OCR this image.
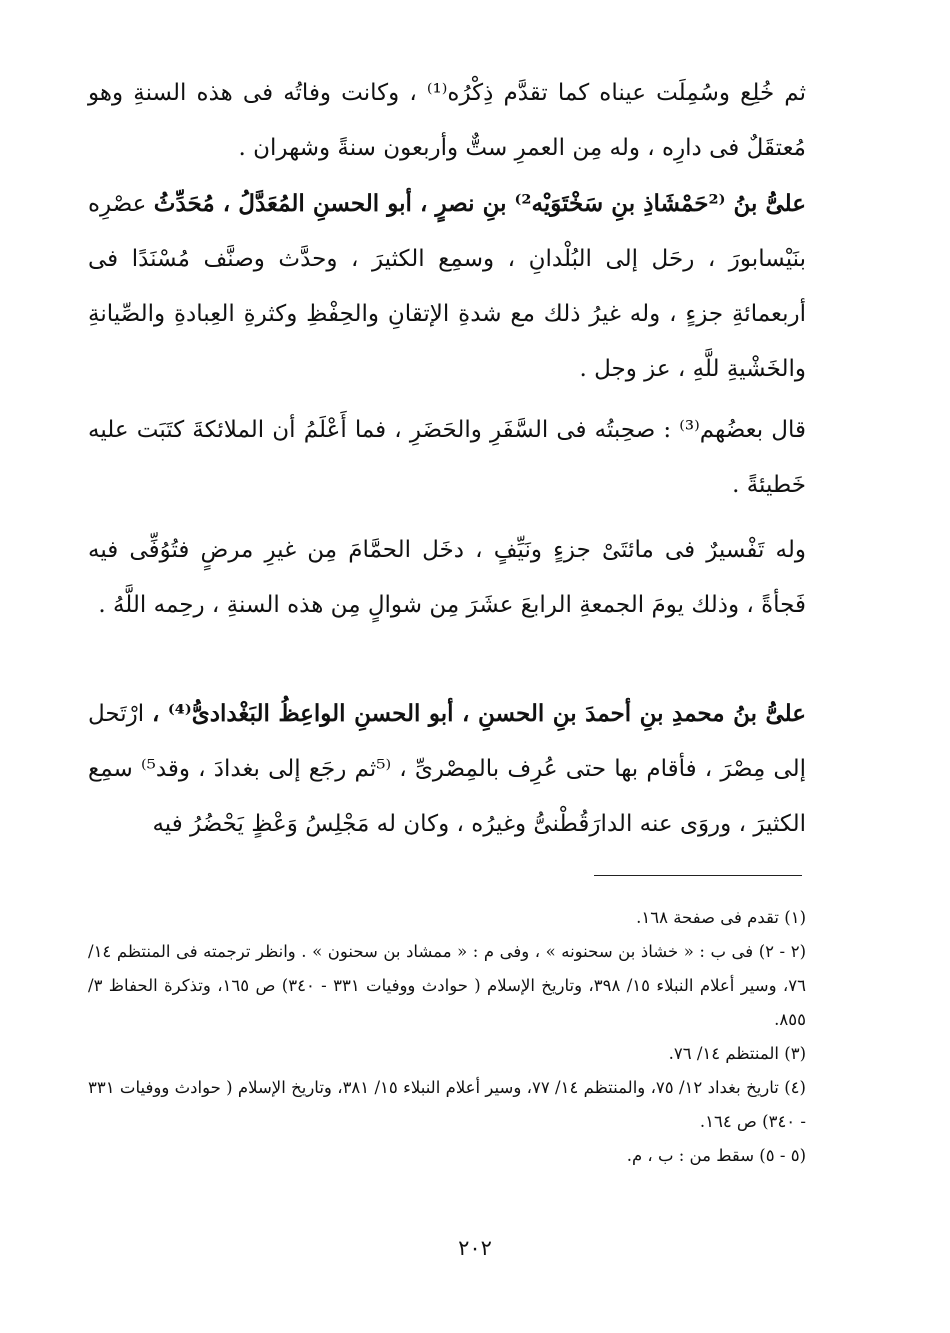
ثم خُلِع وسُمِلَت عيناه كما تقدَّم ذِكْرُه⁽¹⁾ ، وكانت وفاتُه فى هذه السنةِ وهو مُعتقَلٌ فى دارِه ، وله مِن العمرِ ستٌّ وأربعون سنةً وشهران .

علىُّ بنُ ⁽²حَمْشَاذِ بنِ سَخْتَوَيْه²⁾ بنِ نصرٍ ، أبو الحسنِ المُعَدَّلُ ، مُحَدِّثُ عصْرِه بنَيْسابورَ ، رحَل إلى البُلْدانِ ، وسمِع الكثيرَ ، وحدَّث وصنَّف مُسْنَدًا فى أربعمائةِ جزءٍ ، وله غيرُ ذلك مع شدةِ الإتقانِ والحِفْظِ وكثرةِ العِبادةِ والصِّيانةِ والخَشْيةِ للَّهِ ، عز وجل .

قال بعضُهم⁽³⁾ : صحِبتُه فى السَّفَرِ والحَضَرِ ، فما أَعْلَمُ أن الملائكةَ كتَبَت عليه خَطيئةً .

وله تَفْسيرٌ فى مائتَىْ جزءٍ ونَيِّفٍ ، دخَل الحمَّامَ مِن غيرِ مرضٍ فتُوُفِّى فيه فَجأةً ، وذلك يومَ الجمعةِ الرابعَ عشَرَ مِن شوالٍ مِن هذه السنةِ ، رحِمه اللَّهُ .

علىُّ بنُ محمدِ بنِ أحمدَ بنِ الحسنِ ، أبو الحسنِ الواعِظُ البَغْدادىُّ⁽⁴⁾ ، ارْتَحل إلى مِصْرَ ، فأقام بها حتى عُرِف بالمِصْرىِّ ، ⁽⁵ثم رجَع إلى بغدادَ ، وقد⁵⁾ سمِع الكثيرَ ، وروَى عنه الدارَقُطْنىُّ وغيرُه ، وكان له مَجْلِسُ وَعْظٍ يَحْضُرُ فيه

(١) تقدم فى صفحة ١٦٨.

(٢ - ٢) فى ب : « خشاذ بن سحنونه » ، وفى م : « ممشاد بن سحنون » . وانظر ترجمته فى المنتظم ١٤/ ٧٦، وسير أعلام النبلاء ١٥/ ٣٩٨، وتاريخ الإسلام ( حوادث ووفيات ٣٣١ - ٣٤٠) ص ١٦٥، وتذكرة الحفاظ ٣/ ٨٥٥.

(٣) المنتظم ١٤/ ٧٦.

(٤) تاريخ بغداد ١٢/ ٧٥، والمنتظم ١٤/ ٧٧، وسير أعلام النبلاء ١٥/ ٣٨١، وتاريخ الإسلام ( حوادث ووفيات ٣٣١ - ٣٤٠) ص ١٦٤.

(٥ - ٥) سقط من : ب ، م.

٢٠٢
